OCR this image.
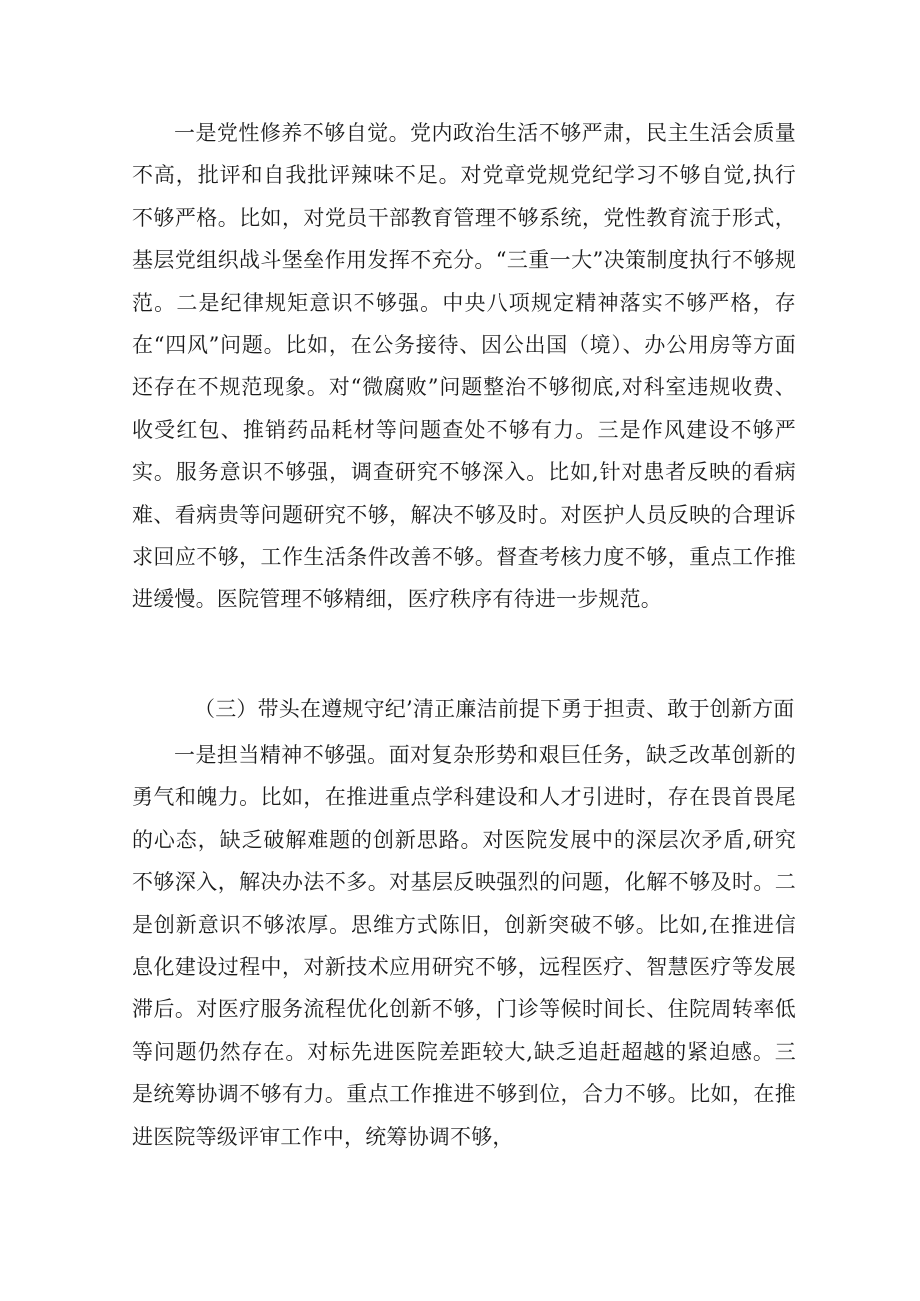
一是党性修养不够自觉。党内政治生活不够严肃，民主生活会质量不高，批评和自我批评辣味不足。对党章党规党纪学习不够自觉,执行不够严格。比如，对党员干部教育管理不够系统，党性教育流于形式，基层党组织战斗堡垒作用发挥不充分。“三重一大”决策制度执行不够规范。二是纪律规矩意识不够强。中央八项规定精神落实不够严格，存在“四风”问题。比如，在公务接待、因公出国（境）、办公用房等方面还存在不规范现象。对“微腐败”问题整治不够彻底,对科室违规收费、收受红包、推销药品耗材等问题查处不够有力。三是作风建设不够严实。服务意识不够强，调查研究不够深入。比如,针对患者反映的看病难、看病贵等问题研究不够，解决不够及时。对医护人员反映的合理诉求回应不够，工作生活条件改善不够。督查考核力度不够，重点工作推进缓慢。医院管理不够精细，医疗秩序有待进一步规范。

（三）带头在遵规守纪’清正廉洁前提下勇于担责、敢于创新方面

一是担当精神不够强。面对复杂形势和艰巨任务，缺乏改革创新的勇气和魄力。比如，在推进重点学科建设和人才引进时，存在畏首畏尾的心态，缺乏破解难题的创新思路。对医院发展中的深层次矛盾,研究不够深入，解决办法不多。对基层反映强烈的问题，化解不够及时。二是创新意识不够浓厚。思维方式陈旧，创新突破不够。比如,在推进信息化建设过程中，对新技术应用研究不够，远程医疗、智慧医疗等发展滞后。对医疗服务流程优化创新不够，门诊等候时间长、住院周转率低等问题仍然存在。对标先进医院差距较大,缺乏追赶超越的紧迫感。三是统筹协调不够有力。重点工作推进不够到位，合力不够。比如，在推进医院等级评审工作中，统筹协调不够，
